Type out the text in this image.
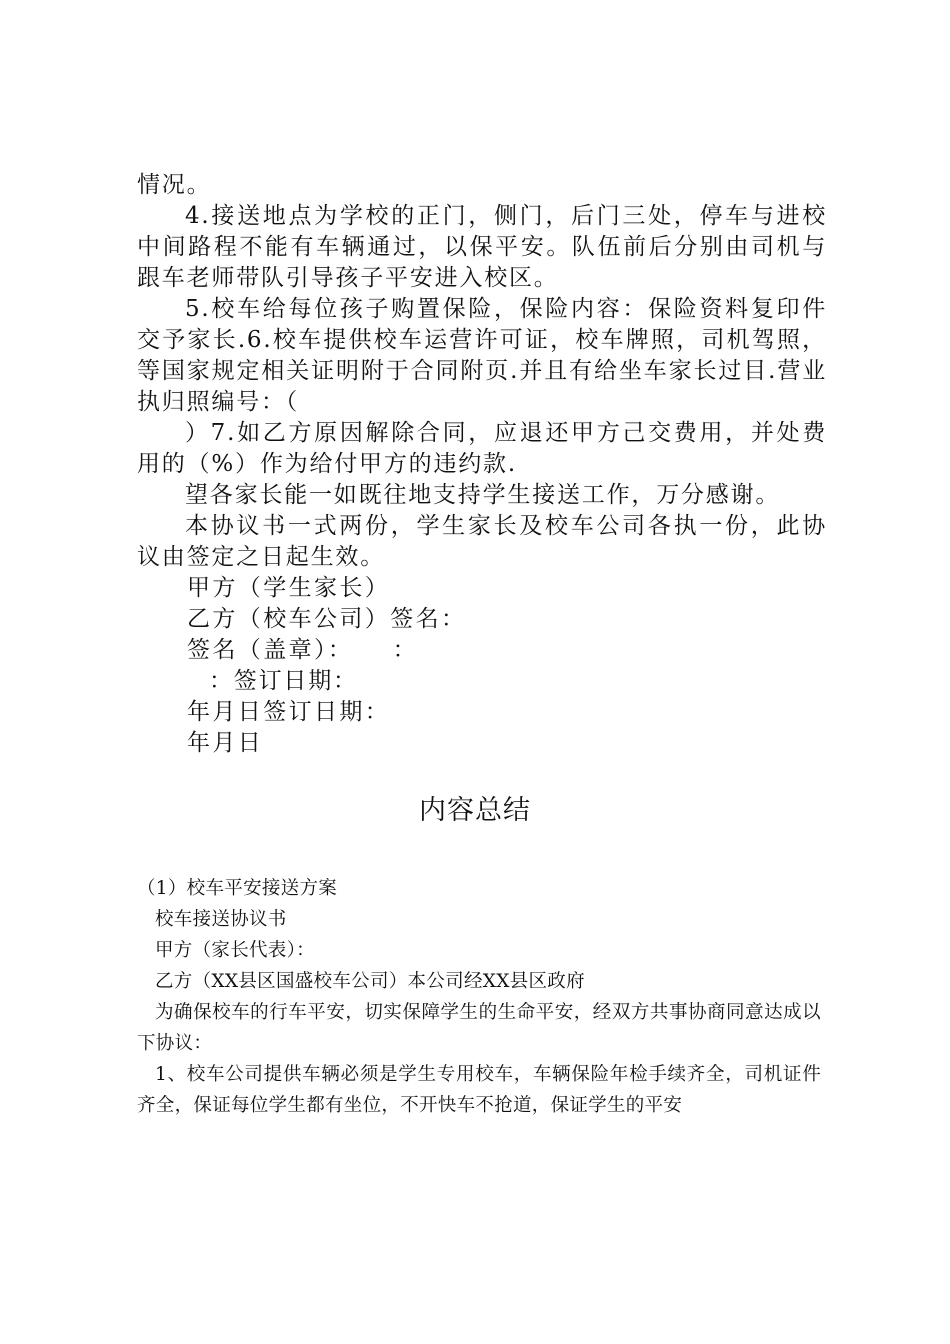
情况。

4.接送地点为学校的正门，侧门，后门三处，停车与进校中间路程不能有车辆通过，以保平安。队伍前后分别由司机与跟车老师带队引导孩子平安进入校区。

5.校车给每位孩子购置保险，保险内容：保险资料复印件交予家长.6.校车提供校车运营许可证，校车牌照，司机驾照，等国家规定相关证明附于合同附页.并且有给坐车家长过目.营业执归照编号：（

）7.如乙方原因解除合同，应退还甲方己交费用，并处费用的（%）作为给付甲方的违约款.

望各家长能一如既往地支持学生接送工作，万分感谢。

本协议书一式两份，学生家长及校车公司各执一份，此协议由签定之日起生效。

甲方（学生家长）

乙方（校车公司）签名：

签名（盖章）：　　：

：签订日期：

年月日签订日期：

年月日

内容总结

（1）校车平安接送方案

校车接送协议书

甲方（家长代表）：

乙方（XX县区国盛校车公司）本公司经XX县区政府

为确保校车的行车平安，切实保障学生的生命平安，经双方共事协商同意达成以下协议：

1、校车公司提供车辆必须是学生专用校车，车辆保险年检手续齐全，司机证件齐全，保证每位学生都有坐位，不开快车不抢道，保证学生的平安
